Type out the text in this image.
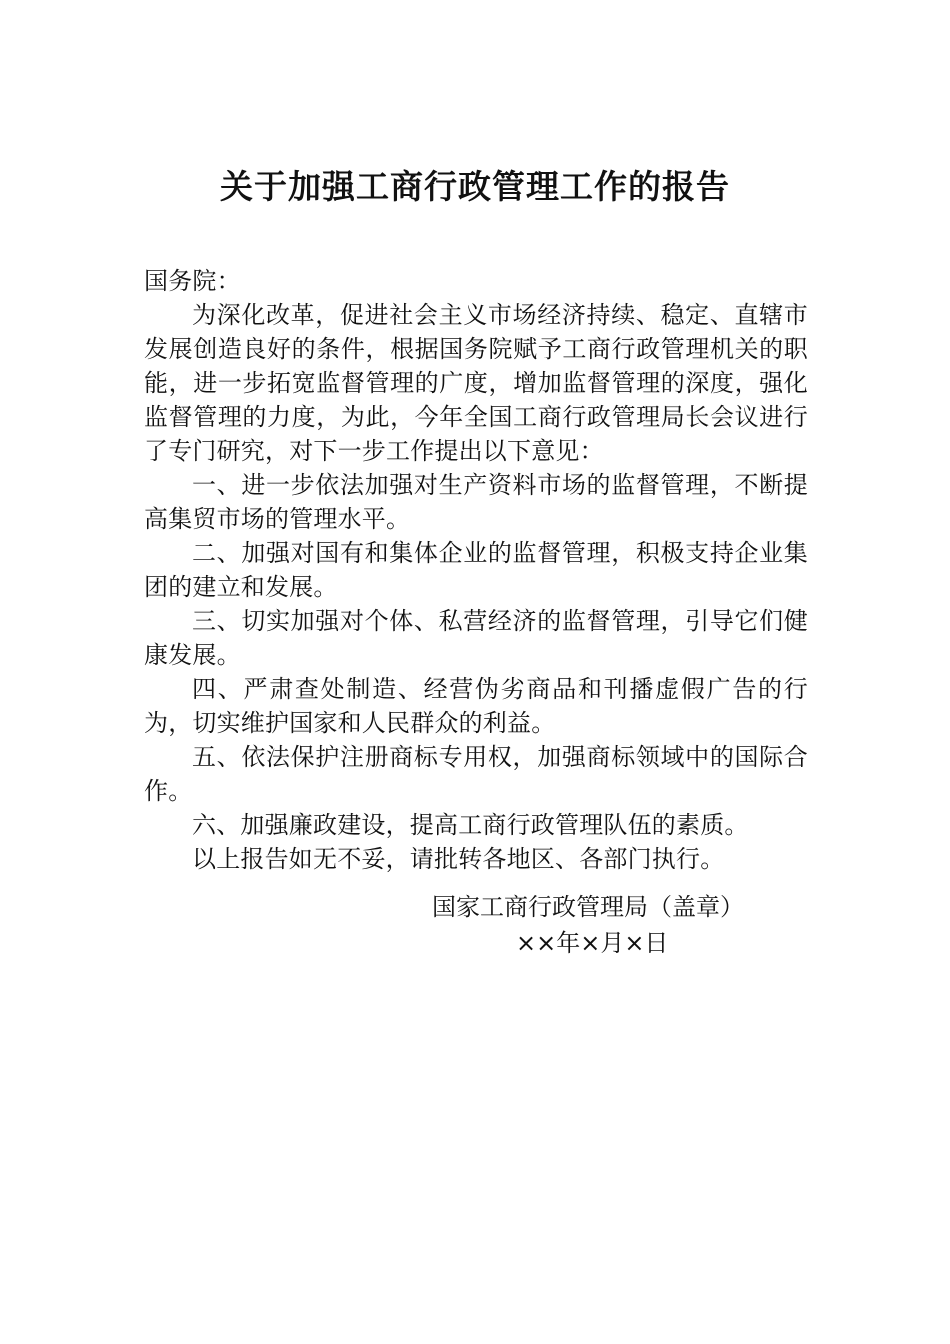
关于加强工商行政管理工作的报告

国务院：

为深化改革，促进社会主义市场经济持续、稳定、直辖市发展创造良好的条件，根据国务院赋予工商行政管理机关的职能，进一步拓宽监督管理的广度，增加监督管理的深度，强化监督管理的力度，为此，今年全国工商行政管理局长会议进行了专门研究，对下一步工作提出以下意见：

一、进一步依法加强对生产资料市场的监督管理，不断提高集贸市场的管理水平。

二、加强对国有和集体企业的监督管理，积极支持企业集团的建立和发展。

三、切实加强对个体、私营经济的监督管理，引导它们健康发展。

四、严肃查处制造、经营伪劣商品和刊播虚假广告的行为，切实维护国家和人民群众的利益。

五、依法保护注册商标专用权，加强商标领域中的国际合作。

六、加强廉政建设，提高工商行政管理队伍的素质。

以上报告如无不妥，请批转各地区、各部门执行。

国家工商行政管理局（盖章）
××年×月×日
